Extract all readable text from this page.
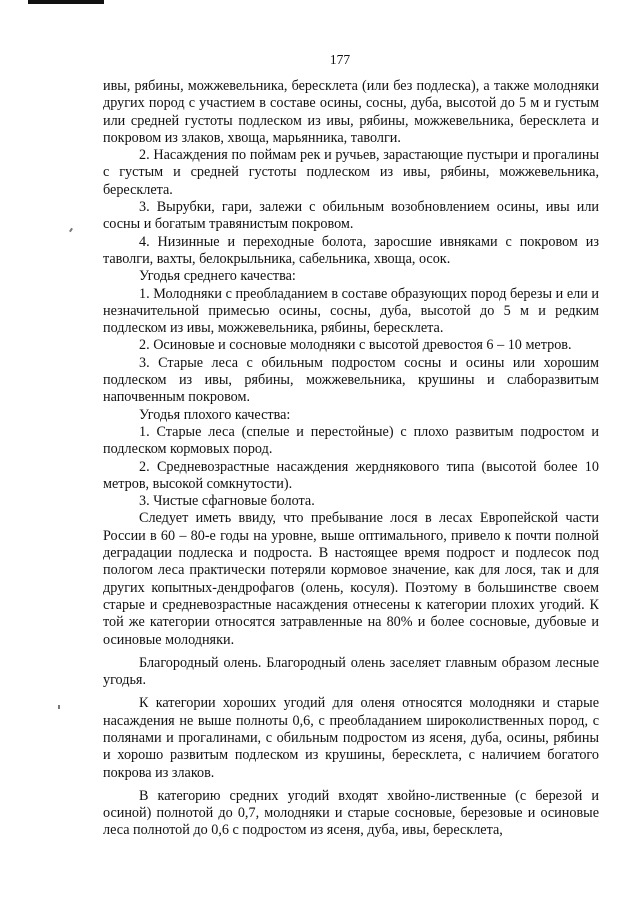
177

ивы, рябины, можжевельника, бересклета (или без подлеска), а также молодняки других пород с участием в составе осины, сосны, дуба, высотой до 5 м и густым или средней густоты подлеском из ивы, рябины, можжевельника, бересклета и покровом из злаков, хвоща, марьянника, таволги.

2. Насаждения по поймам рек и ручьев, зарастающие пустыри и прогалины с густым и средней густоты подлеском из ивы, рябины, можжевельника, бересклета.

3. Вырубки, гари, залежи с обильным возобновлением осины, ивы или сосны и богатым травянистым покровом.

4. Низинные и переходные болота, заросшие ивняками с покровом из таволги, вахты, белокрыльника, сабельника, хвоща, осок.

Угодья среднего качества:

1. Молодняки с преобладанием в составе образующих пород березы и ели и незначительной примесью осины, сосны, дуба, высотой до 5 м и редким подлеском из ивы, можжевельника, рябины, бересклета.

2. Осиновые и сосновые молодняки с высотой древостоя 6 – 10 метров.

3. Старые леса с обильным подростом сосны и осины или хорошим подлеском из ивы, рябины, можжевельника, крушины и слаборазвитым напочвенным покровом.

Угодья плохого качества:

1. Старые леса (спелые и перестойные) с плохо развитым подростом и подлеском кормовых пород.

2. Средневозрастные насаждения жерднякового типа (высотой более 10 метров, высокой сомкнутости).

3. Чистые сфагновые болота.

Следует иметь ввиду, что пребывание лося в лесах Европейской части России в 60 – 80-е годы на уровне, выше оптимального, привело к почти полной деградации подлеска и подроста. В настоящее время подрост и подлесок под пологом леса практически потеряли кормовое значение, как для лося, так и для других копытных-дендрофагов (олень, косуля). Поэтому в большинстве своем старые и средневозрастные насаждения отнесены к категории плохих угодий. К той же категории относятся затравленные на 80% и более сосновые, дубовые и осиновые молодняки.

Благородный олень. Благородный олень заселяет главным образом лесные угодья.

К категории хороших угодий для оленя относятся молодняки и старые насаждения не выше полноты 0,6, с преобладанием широколиственных пород, с полянами и прогалинами, с обильным подростом из ясеня, дуба, осины, рябины и хорошо развитым подлеском из крушины, бересклета, с наличием богатого покрова из злаков.

В категорию средних угодий входят хвойно-лиственные (с березой и осиной) полнотой до 0,7, молодняки и старые сосновые, березовые и осиновые леса полнотой до 0,6 с подростом из ясеня, дуба, ивы, бересклета,
